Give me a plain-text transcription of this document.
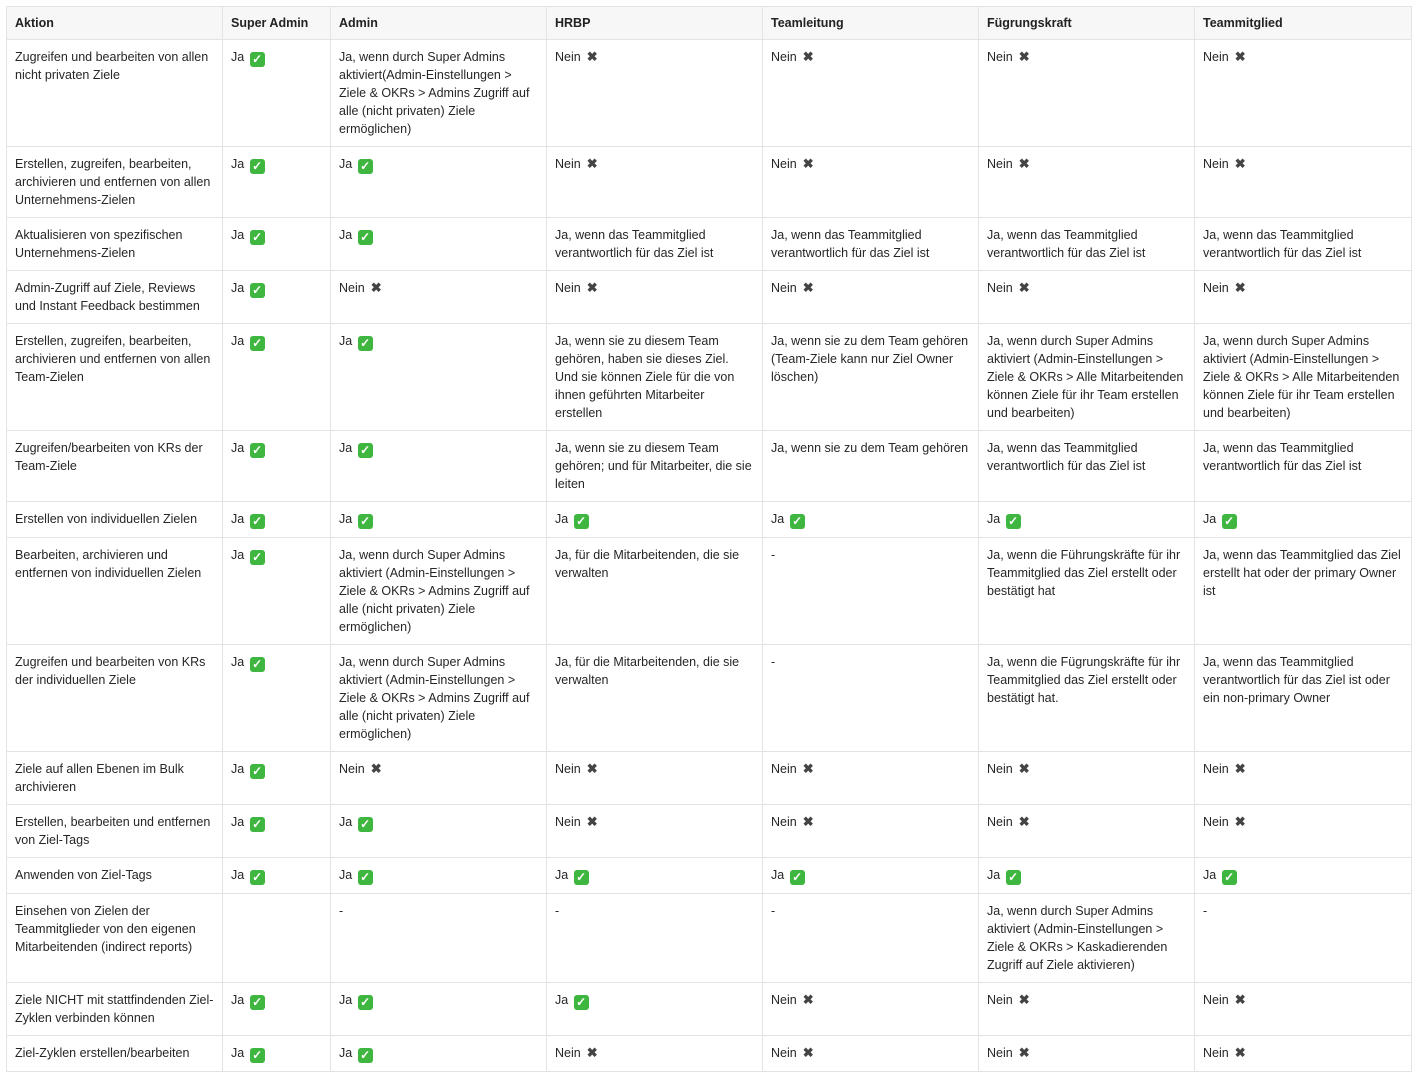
Aktion	Super Admin	Admin	HRBP	Teamleitung	Fügrungskraft	Teammitglied
Zugreifen und bearbeiten von allen nicht privaten Ziele	Ja ✓	Ja, wenn durch Super Admins aktiviert(Admin-Einstellungen > Ziele & OKRs > Admins Zugriff auf alle (nicht privaten) Ziele ermöglichen)	Nein ✖	Nein ✖	Nein ✖	Nein ✖
Erstellen, zugreifen, bearbeiten, archivieren und entfernen von allen Unternehmens-Zielen	Ja ✓	Ja ✓	Nein ✖	Nein ✖	Nein ✖	Nein ✖
Aktualisieren von spezifischen Unternehmens-Zielen	Ja ✓	Ja ✓	Ja, wenn das Teammitglied verantwortlich für das Ziel ist	Ja, wenn das Teammitglied verantwortlich für das Ziel ist	Ja, wenn das Teammitglied verantwortlich für das Ziel ist	Ja, wenn das Teammitglied verantwortlich für das Ziel ist
Admin-Zugriff auf Ziele, Reviews und Instant Feedback bestimmen	Ja ✓	Nein ✖	Nein ✖	Nein ✖	Nein ✖	Nein ✖
Erstellen, zugreifen, bearbeiten, archivieren und entfernen von allen Team-Zielen	Ja ✓	Ja ✓	Ja, wenn sie zu diesem Team gehören, haben sie dieses Ziel. Und sie können Ziele für die von ihnen geführten Mitarbeiter erstellen	Ja, wenn sie zu dem Team gehören (Team-Ziele kann nur Ziel Owner löschen)	Ja, wenn durch Super Admins aktiviert (Admin-Einstellungen > Ziele & OKRs > Alle Mitarbeitenden können Ziele für ihr Team erstellen und bearbeiten)	Ja, wenn durch Super Admins aktiviert (Admin-Einstellungen > Ziele & OKRs > Alle Mitarbeitenden können Ziele für ihr Team erstellen und bearbeiten)
Zugreifen/bearbeiten von KRs der Team-Ziele	Ja ✓	Ja ✓	Ja, wenn sie zu diesem Team gehören; und für Mitarbeiter, die sie leiten	Ja, wenn sie zu dem Team gehören	Ja, wenn das Teammitglied verantwortlich für das Ziel ist	Ja, wenn das Teammitglied verantwortlich für das Ziel ist
Erstellen von individuellen Zielen	Ja ✓	Ja ✓	Ja ✓	Ja ✓	Ja ✓	Ja ✓
Bearbeiten, archivieren und entfernen von individuellen Zielen	Ja ✓	Ja, wenn durch Super Admins aktiviert (Admin-Einstellungen > Ziele & OKRs > Admins Zugriff auf alle (nicht privaten) Ziele ermöglichen)	Ja, für die Mitarbeitenden, die sie verwalten	-	Ja, wenn die Führungskräfte für ihr Teammitglied das Ziel erstellt oder bestätigt hat	Ja, wenn das Teammitglied das Ziel erstellt hat oder der primary Owner ist
Zugreifen und bearbeiten von KRs der individuellen Ziele	Ja ✓	Ja, wenn durch Super Admins aktiviert (Admin-Einstellungen > Ziele & OKRs > Admins Zugriff auf alle (nicht privaten) Ziele ermöglichen)	Ja, für die Mitarbeitenden, die sie verwalten	-	Ja, wenn die Fügrungskräfte für ihr Teammitglied das Ziel erstellt oder bestätigt hat.	Ja, wenn das Teammitglied verantwortlich für das Ziel ist oder ein non-primary Owner
Ziele auf allen Ebenen im Bulk archivieren	Ja ✓	Nein ✖	Nein ✖	Nein ✖	Nein ✖	Nein ✖
Erstellen, bearbeiten und entfernen von Ziel-Tags	Ja ✓	Ja ✓	Nein ✖	Nein ✖	Nein ✖	Nein ✖
Anwenden von Ziel-Tags	Ja ✓	Ja ✓	Ja ✓	Ja ✓	Ja ✓	Ja ✓
Einsehen von Zielen der Teammitglieder von den eigenen Mitarbeitenden (indirect reports)		-	-	-	Ja, wenn durch Super Admins aktiviert (Admin-Einstellungen > Ziele & OKRs > Kaskadierenden Zugriff auf Ziele aktivieren)	-
Ziele NICHT mit stattfindenden Ziel-Zyklen verbinden können	Ja ✓	Ja ✓	Ja ✓	Nein ✖	Nein ✖	Nein ✖
Ziel-Zyklen erstellen/bearbeiten	Ja ✓	Ja ✓	Nein ✖	Nein ✖	Nein ✖	Nein ✖
